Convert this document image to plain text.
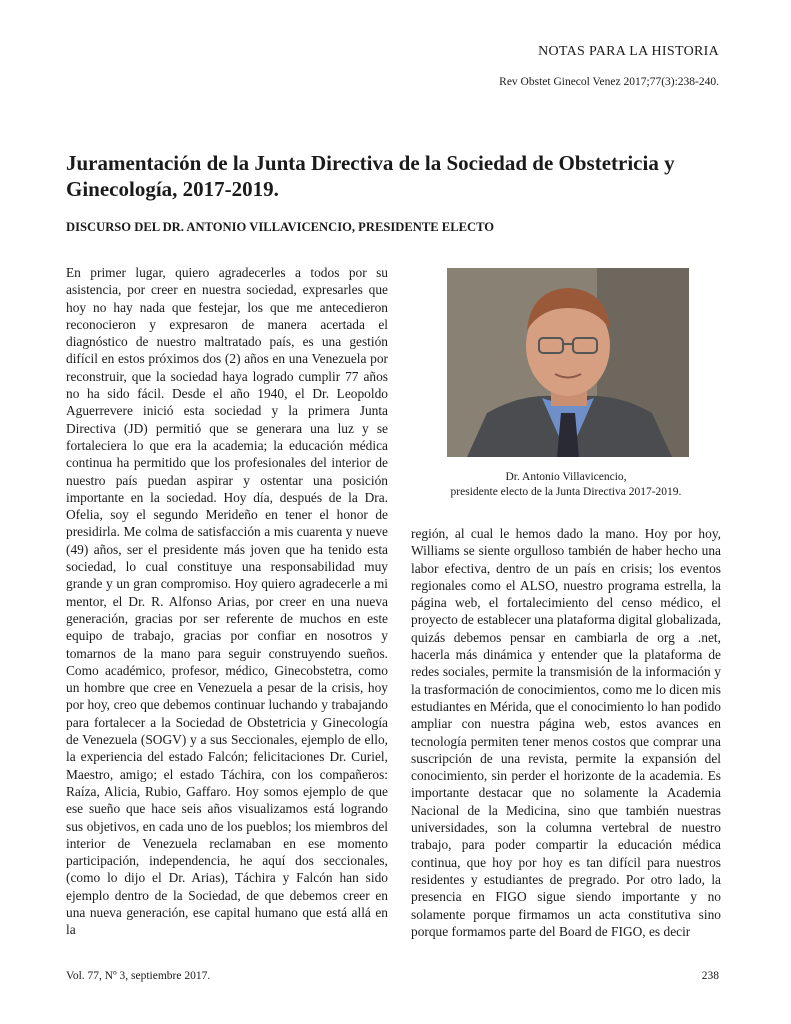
NOTAS PARA LA HISTORIA
Rev Obstet Ginecol Venez 2017;77(3):238-240.
Juramentación de la Junta Directiva de la Sociedad de Obstetricia y Ginecología, 2017-2019.
DISCURSO DEL DR. ANTONIO VILLAVICENCIO, PRESIDENTE ELECTO

En primer lugar, quiero agradecerles a todos por su asistencia, por creer en nuestra sociedad, expresarles que hoy no hay nada que festejar, los que me antecedieron reconocieron y expresaron de manera acertada el diagnóstico de nuestro maltratado país, es una gestión difícil en estos próximos dos (2) años en una Venezuela por reconstruir, que la sociedad haya logrado cumplir 77 años no ha sido fácil. Desde el año 1940, el Dr. Leopoldo Aguerrevere inició esta sociedad y la primera Junta Directiva (JD) permitió que se generara una luz y se fortaleciera lo que era la academia; la educación médica continua ha permitido que los profesionales del interior de nuestro país puedan aspirar y ostentar una posición importante en la sociedad. Hoy día, después de la Dra. Ofelia, soy el segundo Merideño en tener el honor de presidirla. Me colma de satisfacción a mis cuarenta y nueve (49) años, ser el presidente más joven que ha tenido esta sociedad, lo cual constituye una responsabilidad muy grande y un gran compromiso. Hoy quiero agradecerle a mi mentor, el Dr. R. Alfonso Arias, por creer en una nueva generación, gracias por ser referente de muchos en este equipo de trabajo, gracias por confiar en nosotros y tomarnos de la mano para seguir construyendo sueños. Como académico, profesor, médico, Ginecobstetra, como un hombre que cree en Venezuela a pesar de la crisis, hoy por hoy, creo que debemos continuar luchando y trabajando para fortalecer a la Sociedad de Obstetricia y Ginecología de Venezuela (SOGV) y a sus Seccionales, ejemplo de ello, la experiencia del estado Falcón; felicitaciones Dr. Curiel, Maestro, amigo; el estado Táchira, con los compañeros: Raíza, Alicia, Rubio, Gaffaro. Hoy somos ejemplo de que ese sueño que hace seis años visualizamos está logrando sus objetivos, en cada uno de los pueblos; los miembros del interior de Venezuela reclamaban en ese momento participación, independencia, he aquí dos seccionales, (como lo dijo el Dr. Arias), Táchira y Falcón han sido ejemplo dentro de la Sociedad, de que debemos creer en una nueva generación, ese capital humano que está allá en la

Dr. Antonio Villavicencio,
presidente electo de la Junta Directiva 2017-2019.

región, al cual le hemos dado la mano. Hoy por hoy, Williams se siente orgulloso también de haber hecho una labor efectiva, dentro de un país en crisis; los eventos regionales como el ALSO, nuestro programa estrella, la página web, el fortalecimiento del censo médico, el proyecto de establecer una plataforma digital globalizada, quizás debemos pensar en cambiarla de org a .net, hacerla más dinámica y entender que la plataforma de redes sociales, permite la transmisión de la información y la trasformación de conocimientos, como me lo dicen mis estudiantes en Mérida, que el conocimiento lo han podido ampliar con nuestra página web, estos avances en tecnología permiten tener menos costos que comprar una suscripción de una revista, permite la expansión del conocimiento, sin perder el horizonte de la academia. Es importante destacar que no solamente la Academia Nacional de la Medicina, sino que también nuestras universidades, son la columna vertebral de nuestro trabajo, para poder compartir la educación médica continua, que hoy por hoy es tan difícil para nuestros residentes y estudiantes de pregrado. Por otro lado, la presencia en FIGO sigue siendo importante y no solamente porque firmamos un acta constitutiva sino porque formamos parte del Board de FIGO, es decir

Vol. 77, Nº 3, septiembre 2017.	238
